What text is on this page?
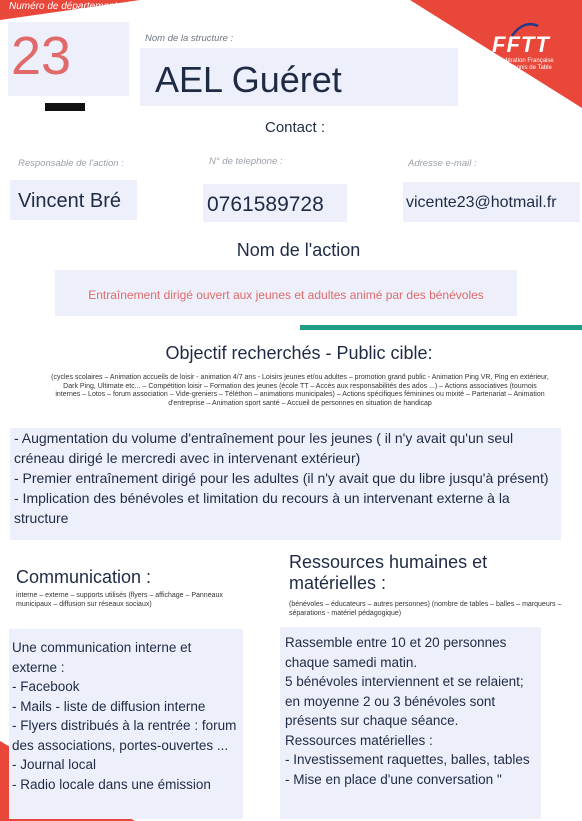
Numéro de département :
23	Nom de la structure :
AEL Guéret
FFTT
Fédération Française
de Tennis de Table
Contact :
Responsable de l'action :	N° de telephone :	Adresse e-mail :
Vincent Bré	0761589728	vicente23@hotmail.fr
Nom de l'action
Entraînement dirigé ouvert aux jeunes et adultes animé par des bénévoles
Objectif recherchés - Public cible:
(cycles scolaires – Animation accueils de loisir - animation 4/7 ans - Loisirs jeunes et/ou adultes – promotion grand public - Animation Ping VR, Ping en extérieur, Dark Ping, Ultimate etc... – Compétition loisir – Formation des jeunes (école TT – Accès aux responsabilités des ados ...) – Actions associatives (tournois internes – Lotos – forum association – Vide-greniers – Téléthon – animations municipales) – Actions spécifiques féminines ou mixité – Partenariat – Animation d'entreprise – Animation sport santé – Accueil de personnes en situation de handicap
- Augmentation du volume d'entraînement pour les jeunes ( il n'y avait qu'un seul créneau dirigé le mercredi avec in intervenant extérieur)
- Premier entraînement dirigé pour les adultes (il n'y avait que du libre jusqu'à présent)
- Implication des bénévoles et limitation du recours à un intervenant externe à la structure
Communication :
interne – externe – supports utilisés (flyers – affichage – Panneaux municipaux – diffusion sur réseaux sociaux)
Une communication interne et externe :
- Facebook
- Mails - liste de diffusion interne
- Flyers distribués à la rentrée : forum des associations, portes-ouvertes ...
- Journal local
- Radio locale dans une émission
Ressources humaines et matérielles :
(bénévoles – éducateurs – autres personnes) (nombre de tables – balles – marqueurs – séparations - matériel pédagogique)
Rassemble entre 10 et 20 personnes chaque samedi matin.
5 bénévoles interviennent et se relaient; en moyenne 2 ou 3 bénévoles sont présents sur chaque séance.
Ressources matérielles :
- Investissement raquettes, balles, tables
- Mise en place d'une conversation "
